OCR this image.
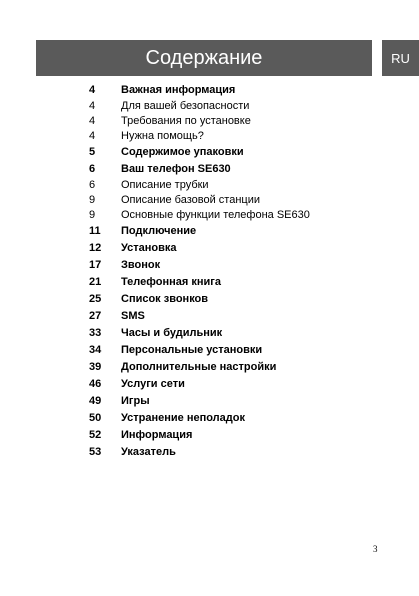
Содержание	RU
4	Важная информация
4	Для вашей безопасности
4	Требования по установке
4	Нужна помощь?
5	Содержимое упаковки
6	Ваш телефон SE630
6	Описание трубки
9	Описание базовой станции
9	Основные функции телефона SE630
11	Подключение
12	Установка
17	Звонок
21	Телефонная книга
25	Список звонков
27	SMS
33	Часы и будильник
34	Персональные установки
39	Дополнительные настройки
46	Услуги сети
49	Игры
50	Устранение неполадок
52	Информация
53	Указатель
3
